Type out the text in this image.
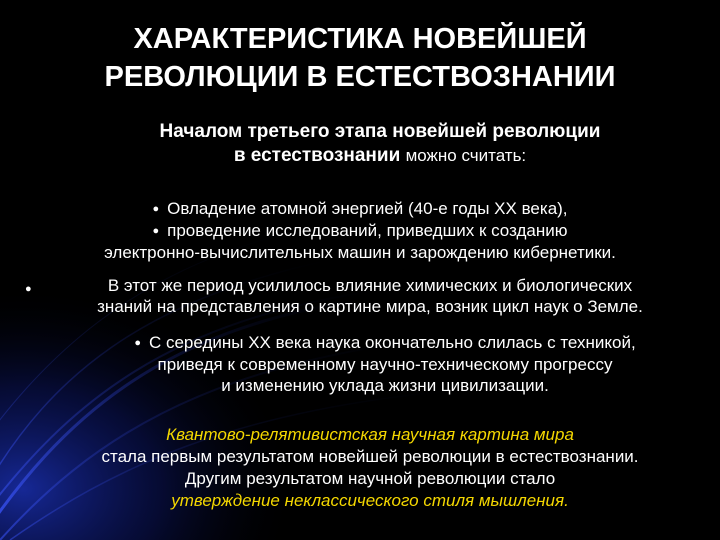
ХАРАКТЕРИСТИКА НОВЕЙШЕЙ
РЕВОЛЮЦИИ В ЕСТЕСТВОЗНАНИИ
Началом третьего этапа новейшей революции
в естествознании можно считать:
● Овладение атомной энергией (40-е годы XX века),
● проведение исследований, приведших к созданию
электронно-вычислительных машин и зарождению кибернетики.
●	В этот же период усилилось влияние химических и биологических
знаний на представления о картине мира, возник цикл наук о Земле.
● С середины XX века наука окончательно слилась с техникой,
приведя к современному научно-техническому прогрессу
и изменению уклада жизни цивилизации.
Квантово-релятивистская научная картина мира
стала первым результатом новейшей революции в естествознании.
Другим результатом научной революции стало
утверждение неклассического стиля мышления.
